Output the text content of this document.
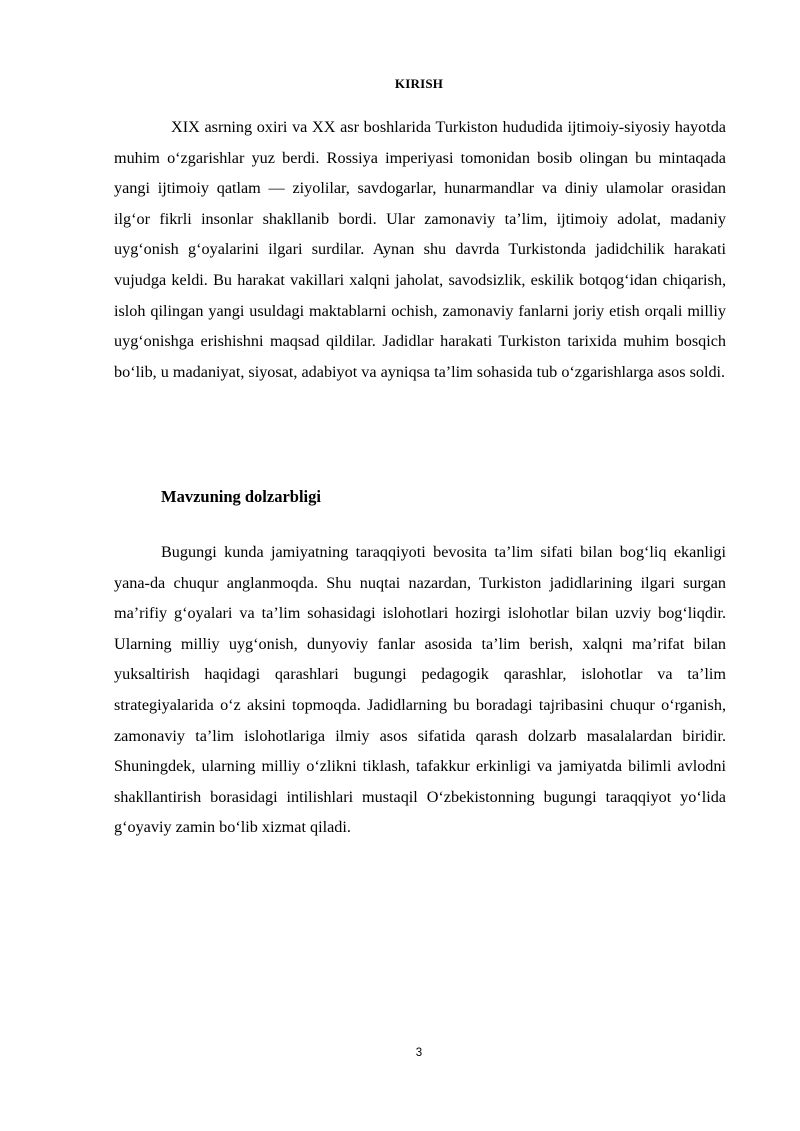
KIRISH
XIX asrning oxiri va XX asr boshlarida Turkiston hududida ijtimoiy-siyosiy hayotda muhim o‘zgarishlar yuz berdi. Rossiya imperiyasi tomonidan bosib olingan bu mintaqada yangi ijtimoiy qatlam — ziyolilar, savdogarlar, hunarmandlar va diniy ulamolar orasidan ilg‘or fikrli insonlar shakllanib bordi. Ular zamonaviy ta’lim, ijtimoiy adolat, madaniy uyg‘onish g‘oyalarini ilgari surdilar. Aynan shu davrda Turkistonda jadidchilik harakati vujudga keldi. Bu harakat vakillari xalqni jaholat, savodsizlik, eskilik botqog‘idan chiqarish, isloh qilingan yangi usuldagi maktablarni ochish, zamonaviy fanlarni joriy etish orqali milliy uyg‘onishga erishishni maqsad qildilar. Jadidlar harakati Turkiston tarixida muhim bosqich bo‘lib, u madaniyat, siyosat, adabiyot va ayniqsa ta’lim sohasida tub o‘zgarishlarga asos soldi.
Mavzuning dolzarbligi
Bugungi kunda jamiyatning taraqqiyoti bevosita ta’lim sifati bilan bog‘liq ekanligi yana-da chuqur anglanmoqda. Shu nuqtai nazardan, Turkiston jadidlarining ilgari surgan ma’rifiy g‘oyalari va ta’lim sohasidagi islohotlari hozirgi islohotlar bilan uzviy bog‘liqdir. Ularning milliy uyg‘onish, dunyoviy fanlar asosida ta’lim berish, xalqni ma’rifat bilan yuksaltirish haqidagi qarashlari bugungi pedagogik qarashlar, islohotlar va ta’lim strategiyalarida o‘z aksini topmoqda. Jadidlarning bu boradagi tajribasini chuqur o‘rganish, zamonaviy ta’lim islohotlariga ilmiy asos sifatida qarash dolzarb masalalardan biridir. Shuningdek, ularning milliy o‘zlikni tiklash, tafakkur erkinligi va jamiyatda bilimli avlodni shakllantirish borasidagi intilishlari mustaqil O‘zbekistonning bugungi taraqqiyot yo‘lida g‘oyaviy zamin bo‘lib xizmat qiladi.
3
